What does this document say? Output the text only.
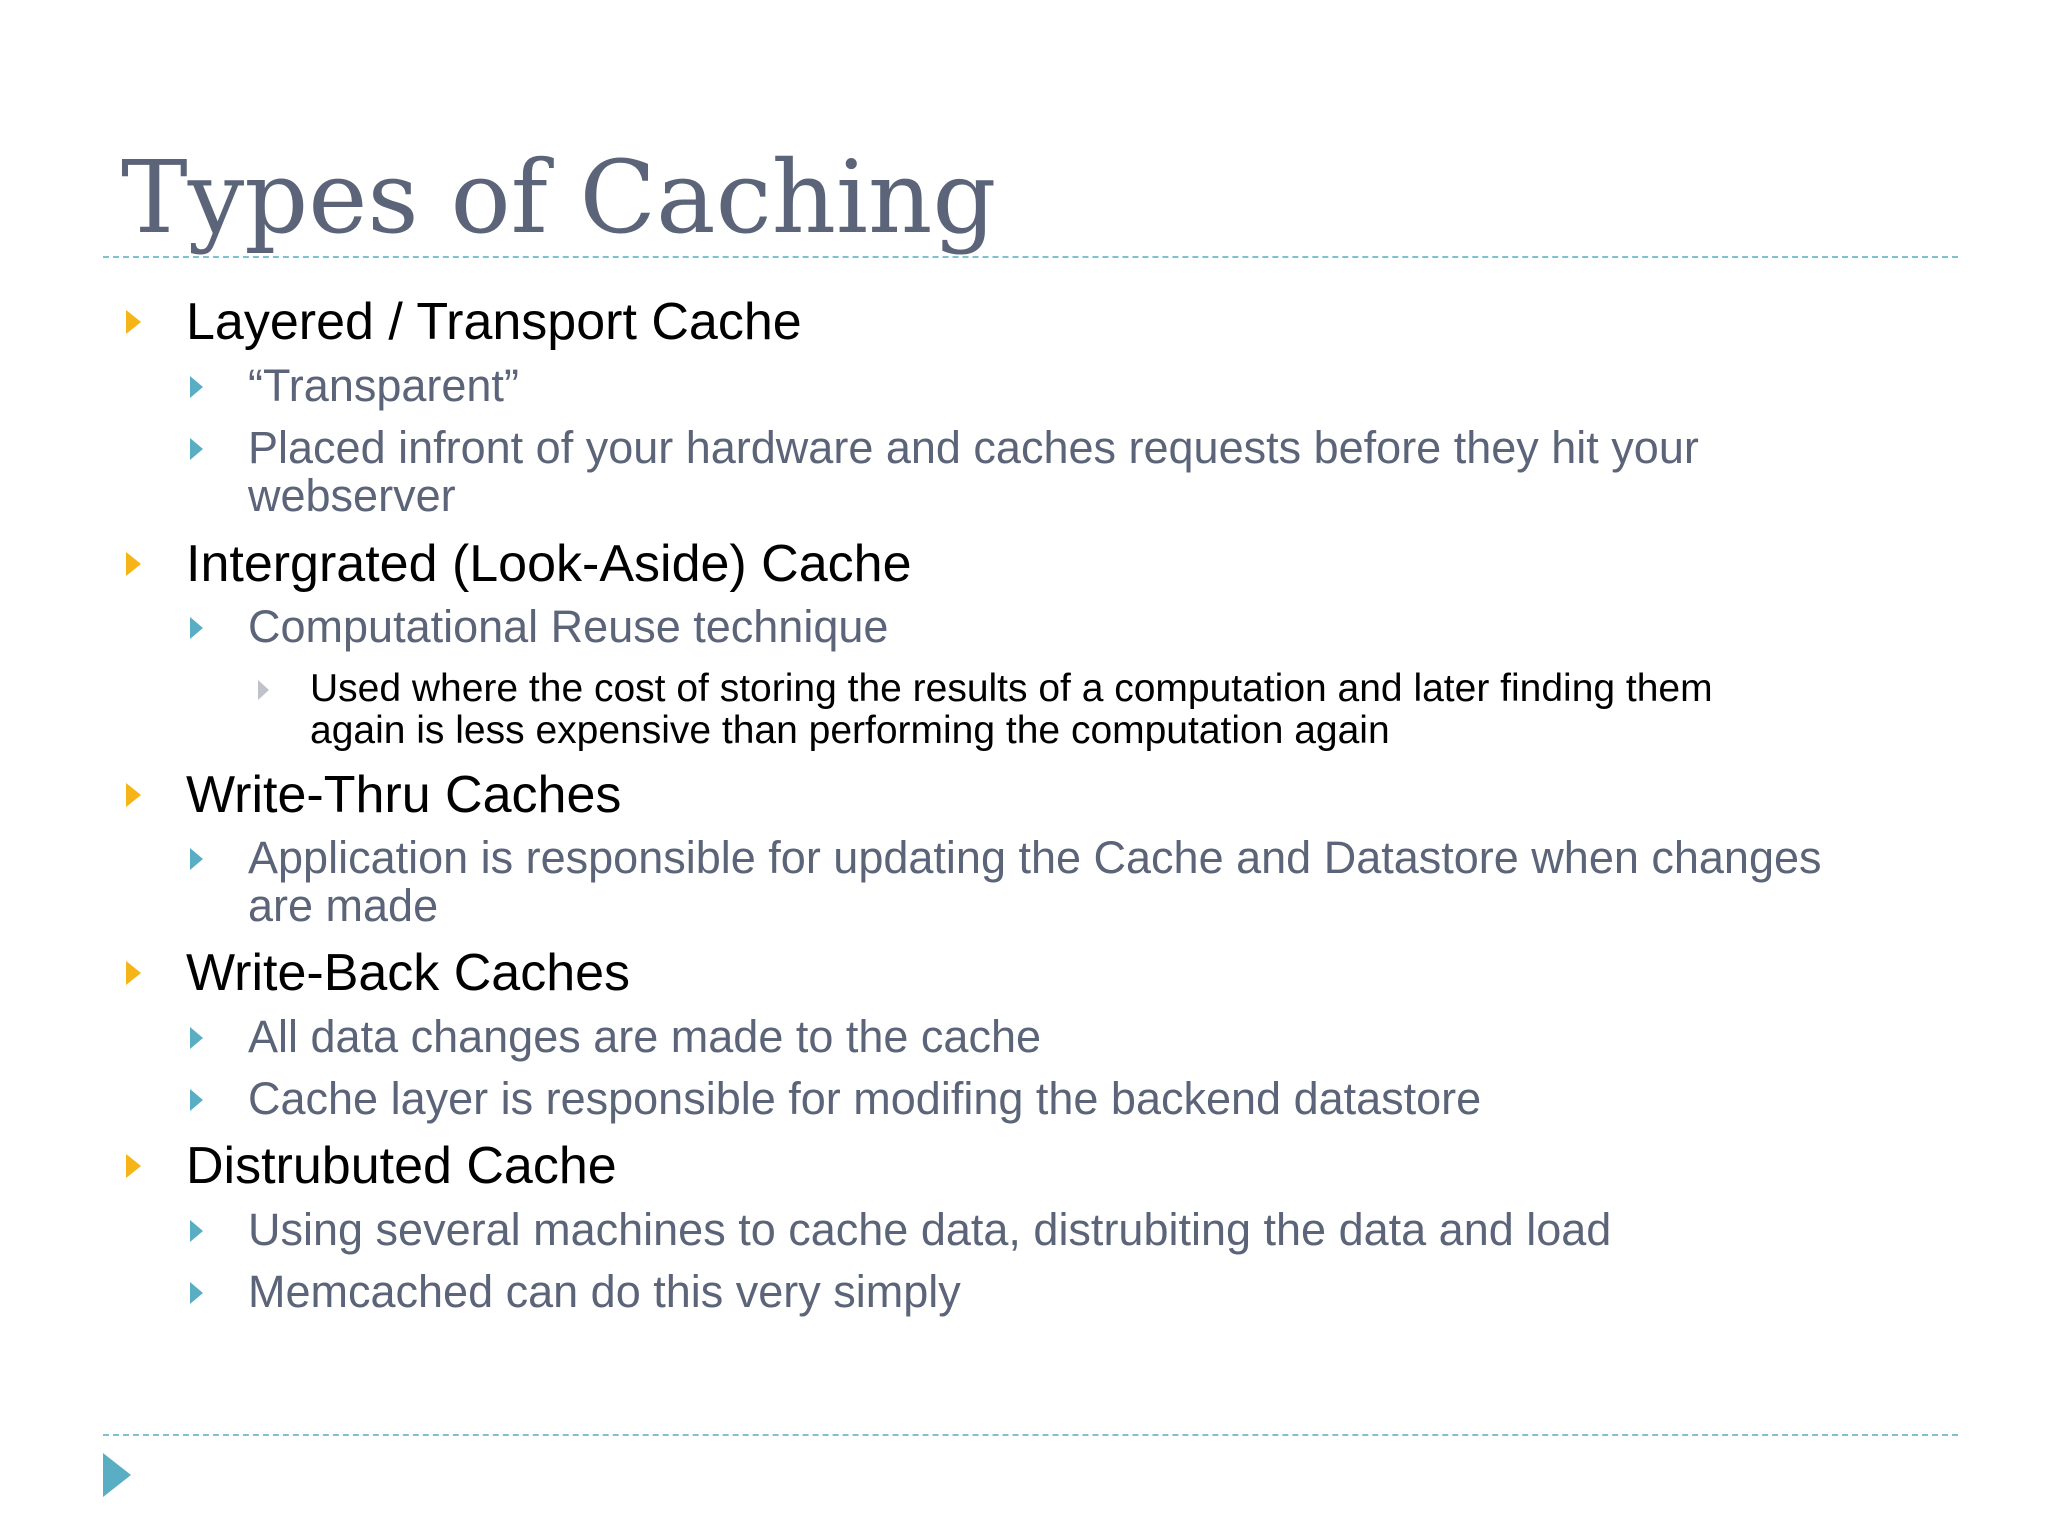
Types of Caching
Layered / Transport Cache
“Transparent”
Placed infront of your hardware and caches requests before they hit your
webserver
Intergrated (Look-Aside) Cache
Computational Reuse technique
Used where the cost of storing the results of a computation and later finding them
again is less expensive than performing the computation again
Write-Thru Caches
Application is responsible for updating the Cache and Datastore when changes
are made
Write-Back Caches
All data changes are made to the cache
Cache layer is responsible for modifing the backend datastore
Distrubuted Cache
Using several machines to cache data, distrubiting the data and load
Memcached can do this very simply
